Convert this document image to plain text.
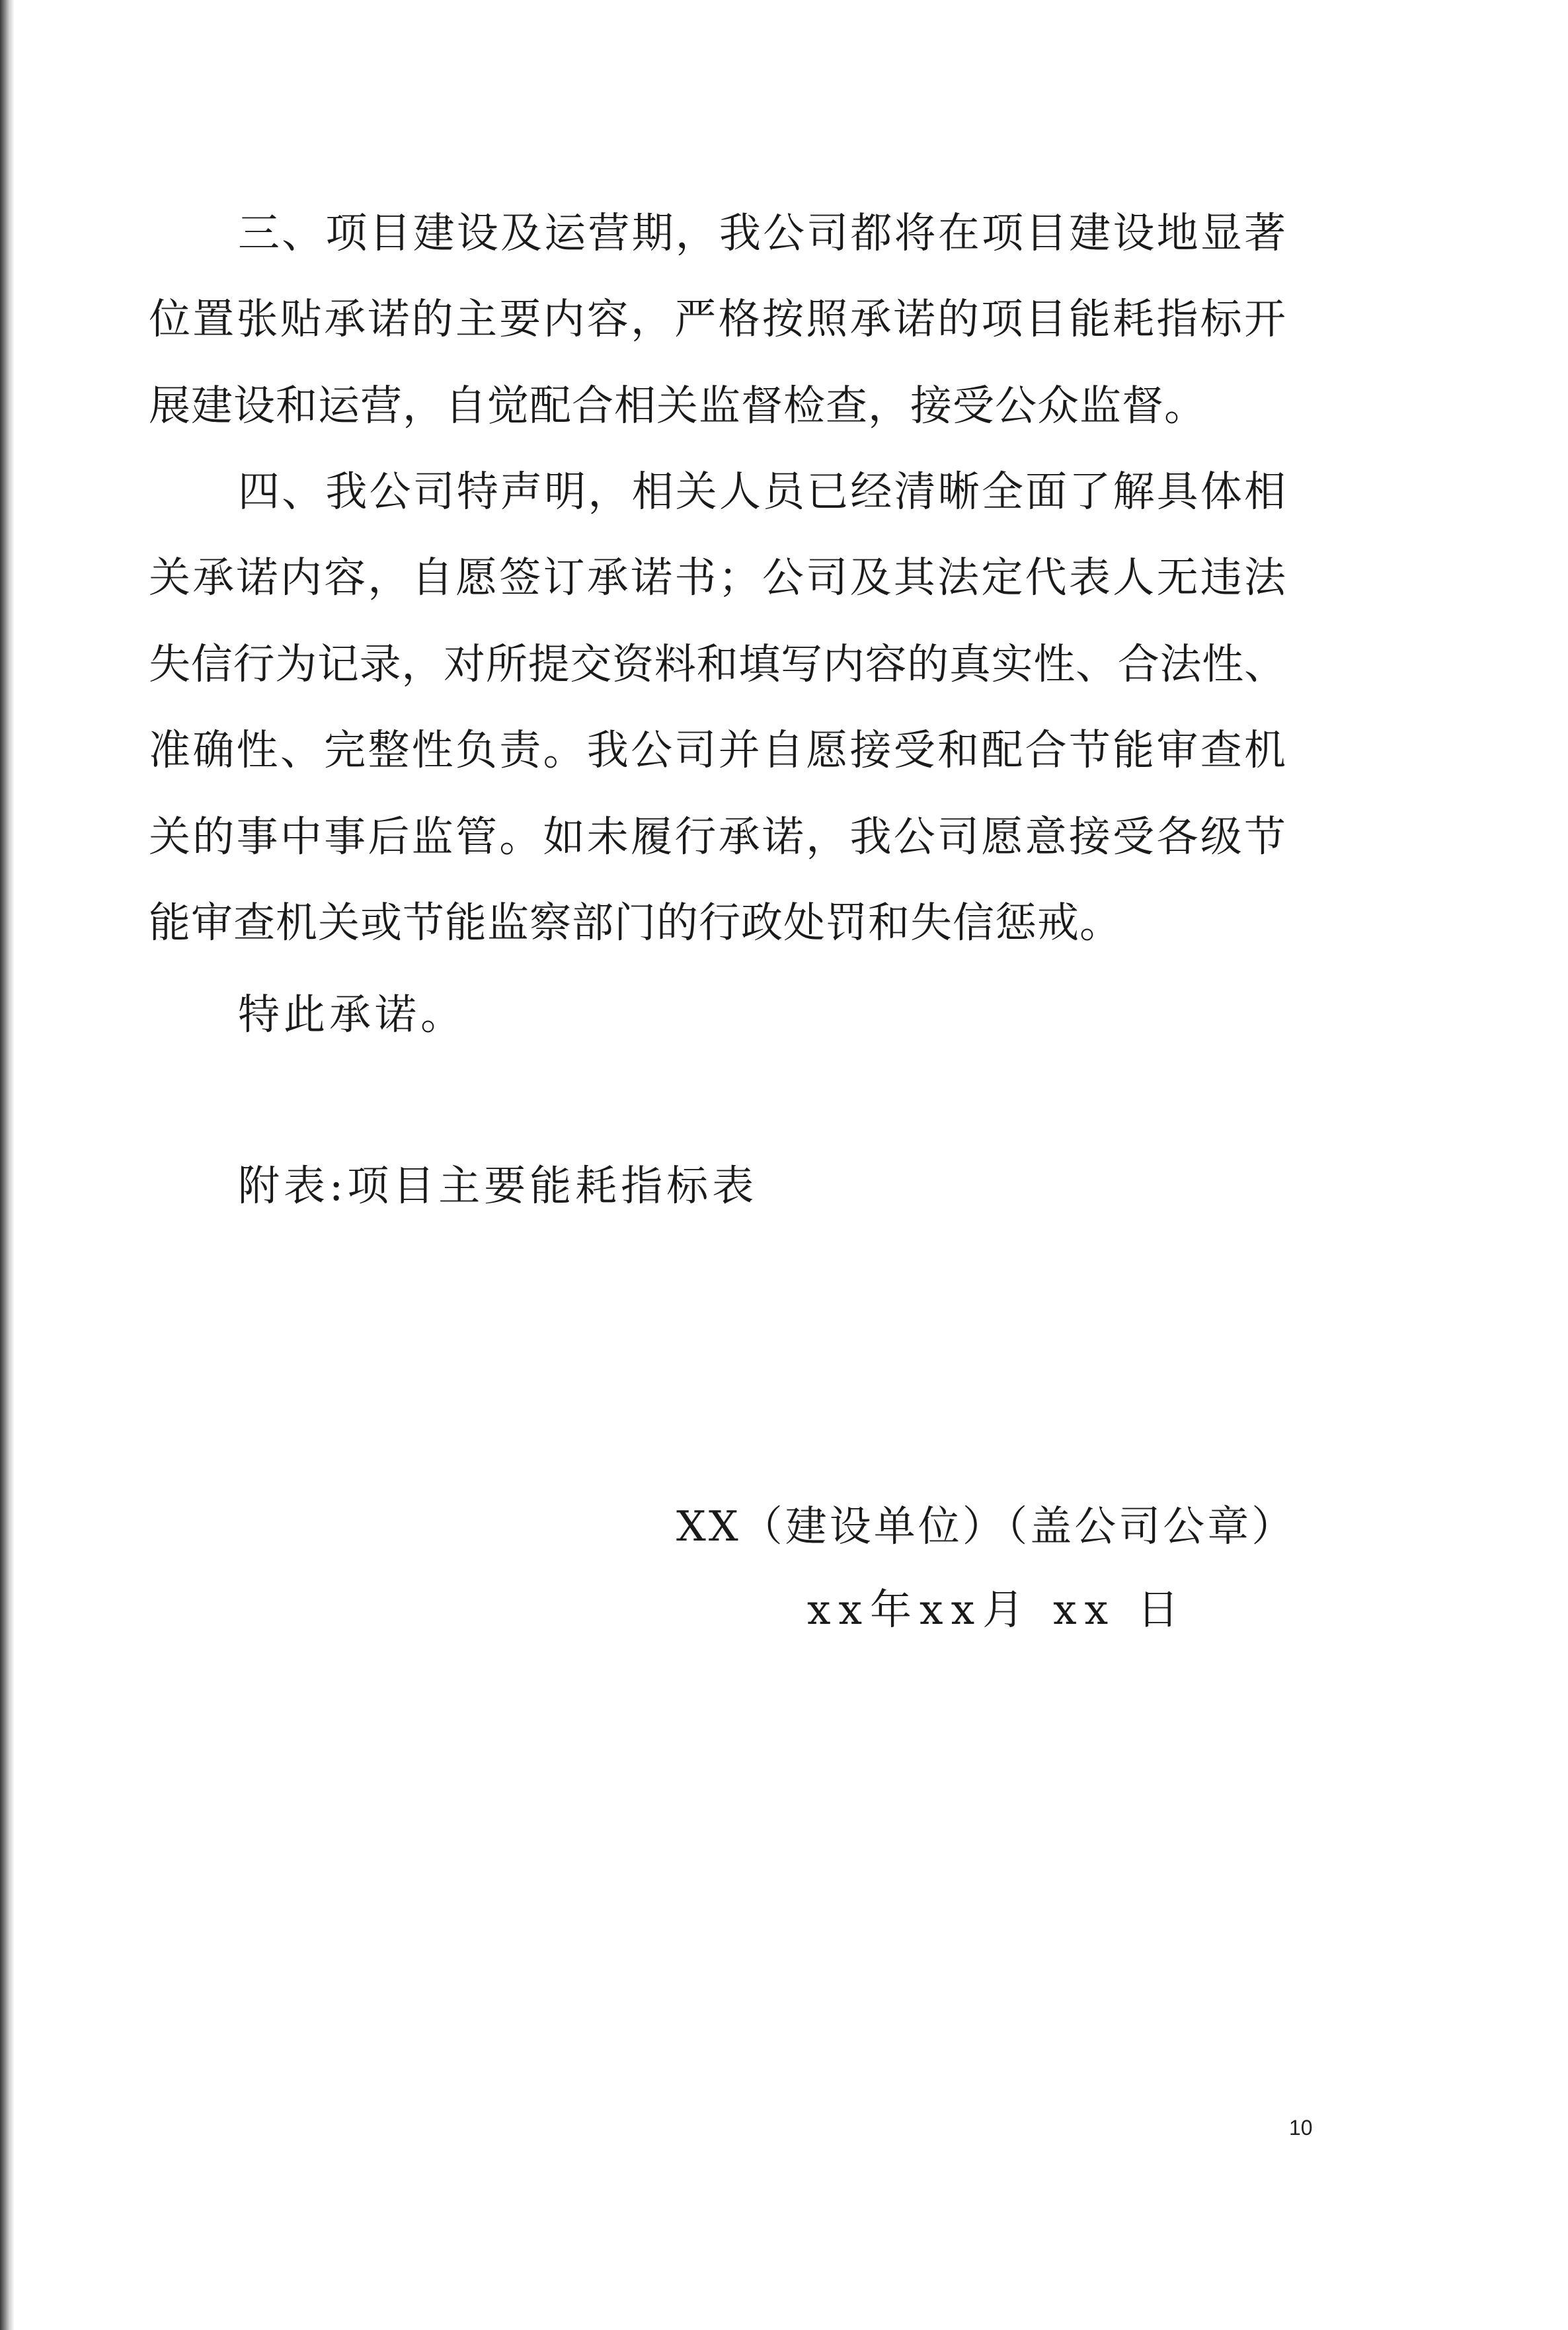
三、项目建设及运营期，我公司都将在项目建设地显著
位置张贴承诺的主要内容，严格按照承诺的项目能耗指标开
展建设和运营，自觉配合相关监督检查，接受公众监督。
四、我公司特声明，相关人员已经清晰全面了解具体相
关承诺内容，自愿签订承诺书；公司及其法定代表人无违法
失信行为记录，对所提交资料和填写内容的真实性、合法性、
准确性、完整性负责。我公司并自愿接受和配合节能审查机
关的事中事后监管。如未履行承诺，我公司愿意接受各级节
能审查机关或节能监察部门的行政处罚和失信惩戒。
特此承诺。
附表:项目主要能耗指标表
XX（建设单位）（盖公司公章）
xx年xx月 xx 日
10
